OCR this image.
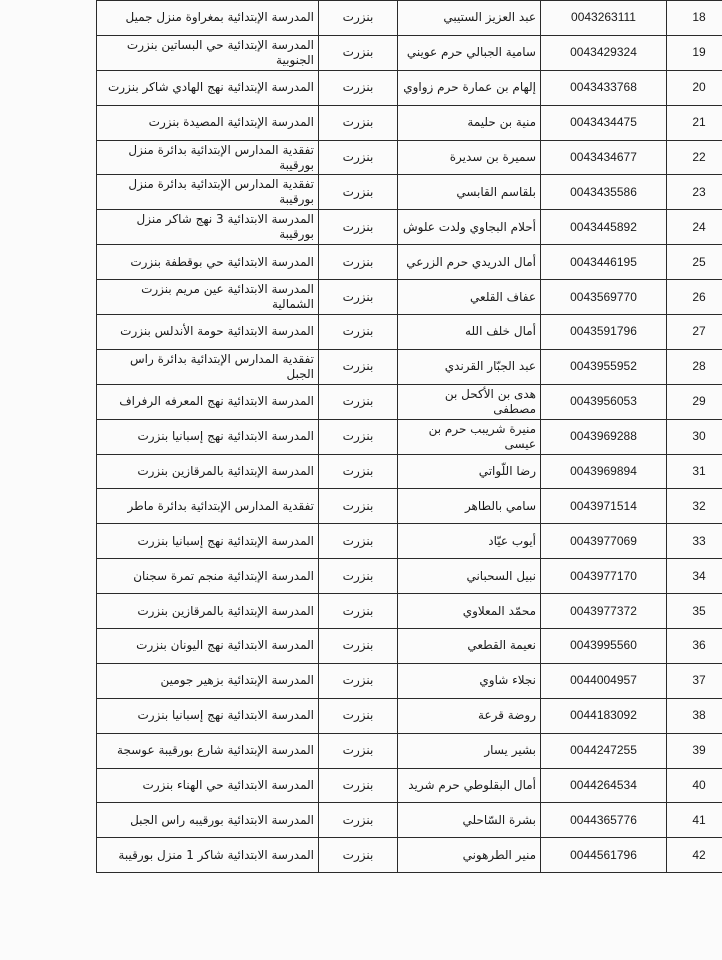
18	0043263111	عبد العزيز الستيبي	بنزرت	المدرسة الإبتدائية بمغراوة منزل جميل
19	0043429324	سامية الجبالي حرم عويني	بنزرت	المدرسة الإبتدائية حي البساتين بنزرت الجنوبية
20	0043433768	إلهام بن عمارة حرم زواوي	بنزرت	المدرسة الإبتدائية نهج الهادي شاكر بنزرت
21	0043434475	منية بن حليمة	بنزرت	المدرسة الإبتدائية المصيدة بنزرت
22	0043434677	سميرة بن سديرة	بنزرت	تفقدية المدارس الإبتدائية بدائرة منزل بورقيبة
23	0043435586	بلقاسم القابسي	بنزرت	تفقدية المدارس الإبتدائية بدائرة منزل بورقيبة
24	0043445892	أحلام البجاوي ولدت علوش	بنزرت	المدرسة الابتدائية 3 نهج شاكر منزل بورقيبة
25	0043446195	أمال الدريدي حرم الزرعي	بنزرت	المدرسة الابتدائية حي بوقطفة بنزرت
26	0043569770	عفاف القلعي	بنزرت	المدرسة الابتدائية عين مريم بنزرت الشمالية
27	0043591796	أمال خلف الله	بنزرت	المدرسة الابتدائية حومة الأندلس بنزرت
28	0043955952	عبد الجبّار القرندي	بنزرت	تفقدية المدارس الإبتدائية بدائرة راس الجبل
29	0043956053	هدى بن الأكحل بن مصطفى	بنزرت	المدرسة الابتدائية نهج المعرفه الرفراف
30	0043969288	منيرة شريبب حرم بن عيسى	بنزرت	المدرسة الابتدائية نهج إسبانيا بنزرت
31	0043969894	رضا اللّواتي	بنزرت	المدرسة الإبتدائية بالمرقازين بنزرت
32	0043971514	سامي بالطاهر	بنزرت	تفقدية المدارس الإبتدائية بدائرة ماطر
33	0043977069	أيوب عيّاد	بنزرت	المدرسة الإبتدائية نهج إسبانيا بنزرت
34	0043977170	نبيل السحباني	بنزرت	المدرسة الإبتدائية منجم تمرة سجنان
35	0043977372	محمّد المعلاوي	بنزرت	المدرسة الإبتدائية بالمرقازين بنزرت
36	0043995560	نعيمة القطعي	بنزرت	المدرسة الابتدائية نهج اليونان بنزرت
37	0044004957	نجلاء شاوي	بنزرت	المدرسة الإبتدائية بزهير جومين
38	0044183092	روضة قرعة	بنزرت	المدرسة الابتدائية نهج إسبانيا بنزرت
39	0044247255	بشير يسار	بنزرت	المدرسة الإبتدائية شارع بورقيبة عوسجة
40	0044264534	أمال البقلوطي حرم شريد	بنزرت	المدرسة الابتدائية حي الهناء بنزرت
41	0044365776	بشرة السّاحلي	بنزرت	المدرسة الابتدائية بورقيبه راس الجبل
42	0044561796	منير الطرهوني	بنزرت	المدرسة الابتدائية شاكر 1 منزل بورقيبة
